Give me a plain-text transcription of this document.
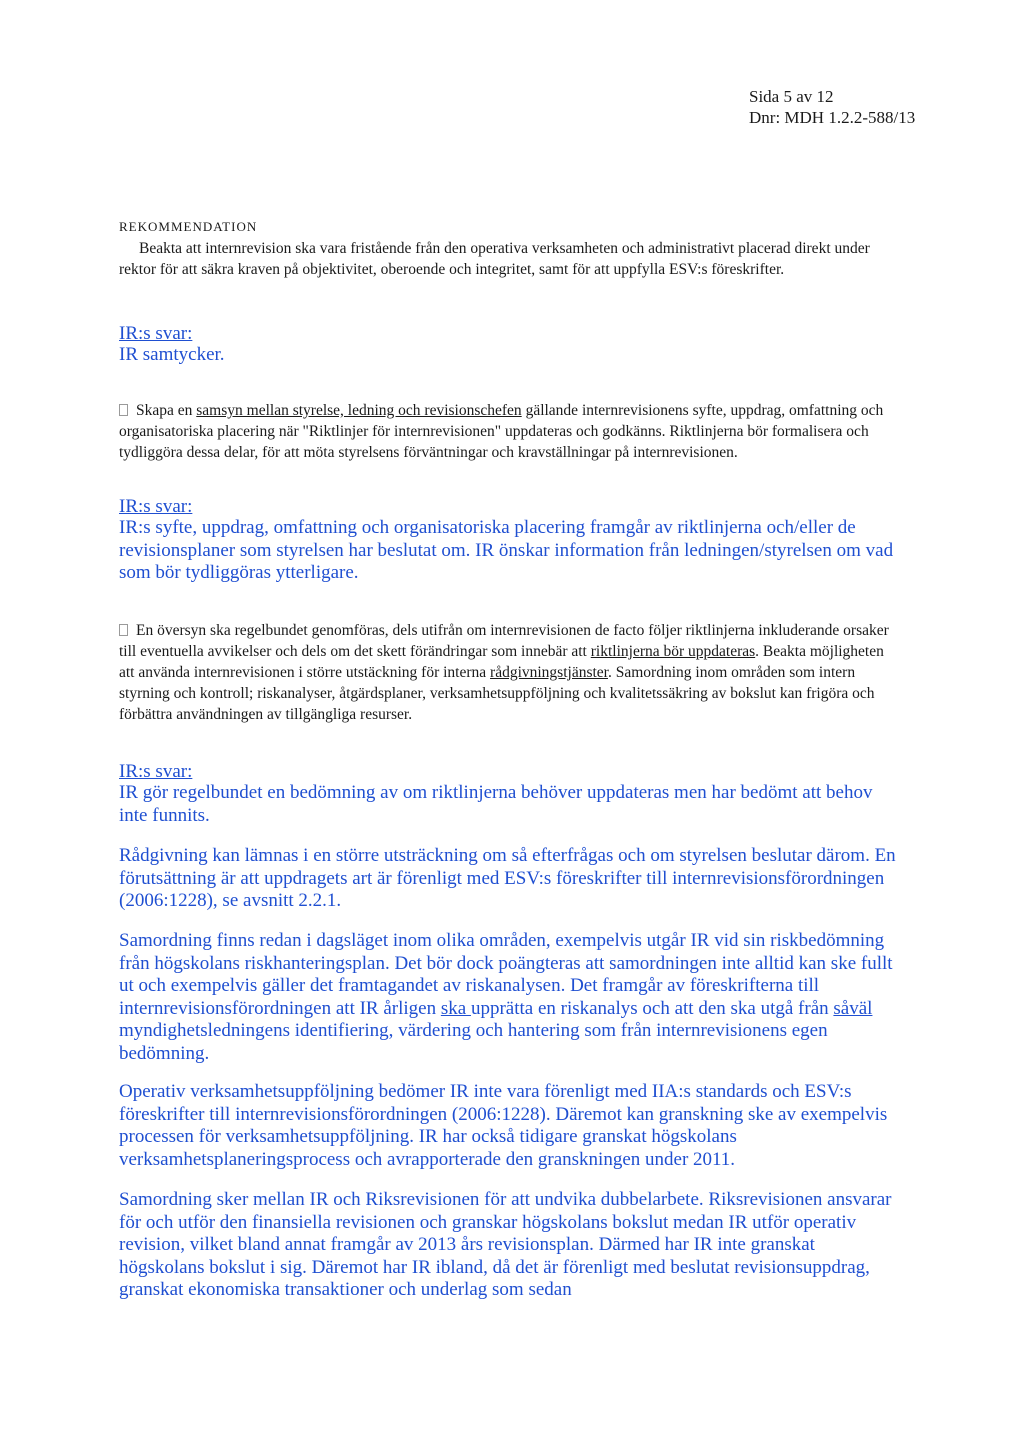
Sida 5 av 12
Dnr: MDH 1.2.2-588/13
REKOMMENDATION
Beakta att internrevision ska vara fristående från den operativa verksamheten och administrativt placerad direkt under rektor för att säkra kraven på objektivitet, oberoende och integritet, samt för att uppfylla ESV:s föreskrifter.
IR:s svar:
IR samtycker.
Skapa en samsyn mellan styrelse, ledning och revisionschefen gällande internrevisionens syfte, uppdrag, omfattning och organisatoriska placering när "Riktlinjer för internrevisionen" uppdateras och godkänns. Riktlinjerna bör formalisera och tydliggöra dessa delar, för att möta styrelsens förväntningar och kravställningar på internrevisionen.
IR:s svar:
IR:s syfte, uppdrag, omfattning och organisatoriska placering framgår av riktlinjerna och/eller de revisionsplaner som styrelsen har beslutat om. IR önskar information från ledningen/styrelsen om vad som bör tydliggöras ytterligare.
En översyn ska regelbundet genomföras, dels utifrån om internrevisionen de facto följer riktlinjerna inkluderande orsaker till eventuella avvikelser och dels om det skett förändringar som innebär att riktlinjerna bör uppdateras. Beakta möjligheten att använda internrevisionen i större utstäckning för interna rådgivningstjänster. Samordning inom områden som intern styrning och kontroll; riskanalyser, åtgärdsplaner, verksamhetsuppföljning och kvalitetssäkring av bokslut kan frigöra och förbättra användningen av tillgängliga resurser.
IR:s svar:
IR gör regelbundet en bedömning av om riktlinjerna behöver uppdateras men har bedömt att behov inte funnits.
Rådgivning kan lämnas i en större utsträckning om så efterfrågas och om styrelsen beslutar därom. En förutsättning är att uppdragets art är förenligt med ESV:s föreskrifter till internrevisionsförordningen (2006:1228), se avsnitt 2.2.1.
Samordning finns redan i dagsläget inom olika områden, exempelvis utgår IR vid sin riskbedömning från högskolans riskhanteringsplan. Det bör dock poängteras att samordningen inte alltid kan ske fullt ut och exempelvis gäller det framtagandet av riskanalysen. Det framgår av föreskrifterna till internrevisionsförordningen att IR årligen ska upprätta en riskanalys och att den ska utgå från såväl myndighetsledningens identifiering, värdering och hantering som från internrevisionens egen bedömning.
Operativ verksamhetsuppföljning bedömer IR inte vara förenligt med IIA:s standards och ESV:s föreskrifter till internrevisionsförordningen (2006:1228). Däremot kan granskning ske av exempelvis processen för verksamhetsuppföljning. IR har också tidigare granskat högskolans verksamhetsplaneringsprocess och avrapporterade den granskningen under 2011.
Samordning sker mellan IR och Riksrevisionen för att undvika dubbelarbete. Riksrevisionen ansvarar för och utför den finansiella revisionen och granskar högskolans bokslut medan IR utför operativ revision, vilket bland annat framgår av 2013 års revisionsplan. Därmed har IR inte granskat högskolans bokslut i sig. Däremot har IR ibland, då det är förenligt med beslutat revisionsuppdrag, granskat ekonomiska transaktioner och underlag som sedan
